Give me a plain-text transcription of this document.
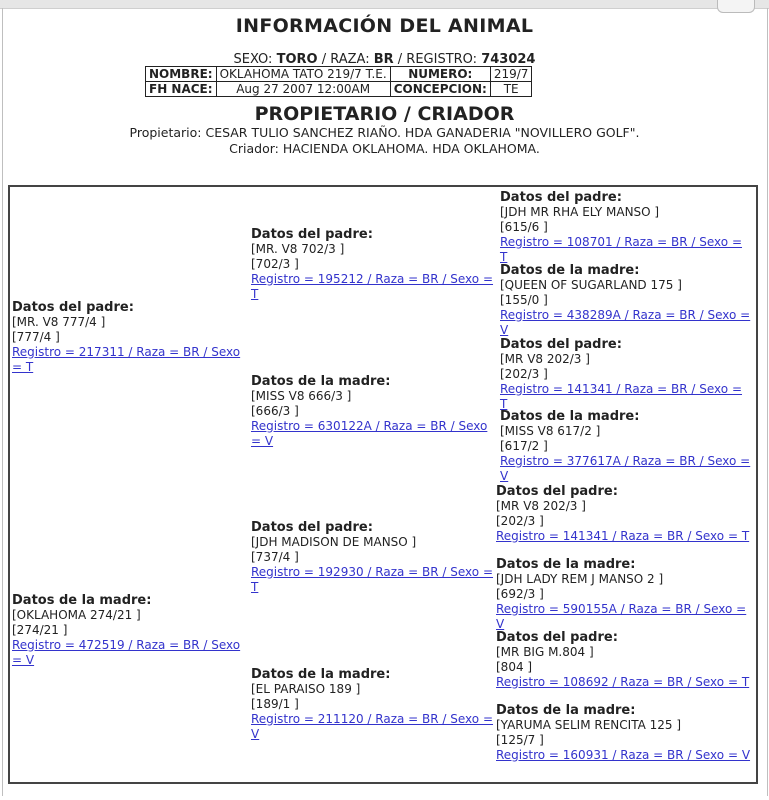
INFORMACIÓN DEL ANIMAL
SEXO: TORO / RAZA: BR / REGISTRO: 743024
NOMBRE:	OKLAHOMA TATO 219/7 T.E.	NUMERO:	219/7
FH NACE:	Aug 27 2007 12:00AM	CONCEPCION:	TE
PROPIETARIO / CRIADOR
Propietario: CESAR TULIO SANCHEZ RIAÑO. HDA GANADERIA "NOVILLERO GOLF".
Criador: HACIENDA OKLAHOMA. HDA OKLAHOMA.
Datos del padre:
[MR. V8 777/4 ]
[777/4 ]
Registro = 217311 / Raza = BR / Sexo = T
Datos de la madre:
[OKLAHOMA 274/21 ]
[274/21 ]
Registro = 472519 / Raza = BR / Sexo = V
Datos del padre:
[MR. V8 702/3 ]
[702/3 ]
Registro = 195212 / Raza = BR / Sexo = T
Datos de la madre:
[MISS V8 666/3 ]
[666/3 ]
Registro = 630122A / Raza = BR / Sexo = V
Datos del padre:
[JDH MADISON DE MANSO ]
[737/4 ]
Registro = 192930 / Raza = BR / Sexo = T
Datos de la madre:
[EL PARAISO 189 ]
[189/1 ]
Registro = 211120 / Raza = BR / Sexo = V
Datos del padre:
[JDH MR RHA ELY MANSO ]
[615/6 ]
Registro = 108701 / Raza = BR / Sexo = T
Datos de la madre:
[QUEEN OF SUGARLAND 175 ]
[155/0 ]
Registro = 438289A / Raza = BR / Sexo = V
Datos del padre:
[MR V8 202/3 ]
[202/3 ]
Registro = 141341 / Raza = BR / Sexo = T
Datos de la madre:
[MISS V8 617/2 ]
[617/2 ]
Registro = 377617A / Raza = BR / Sexo = V
Datos del padre:
[MR V8 202/3 ]
[202/3 ]
Registro = 141341 / Raza = BR / Sexo = T
Datos de la madre:
[JDH LADY REM J MANSO 2 ]
[692/3 ]
Registro = 590155A / Raza = BR / Sexo = V
Datos del padre:
[MR BIG M.804 ]
[804 ]
Registro = 108692 / Raza = BR / Sexo = T
Datos de la madre:
[YARUMA SELIM RENCITA 125 ]
[125/7 ]
Registro = 160931 / Raza = BR / Sexo = V
